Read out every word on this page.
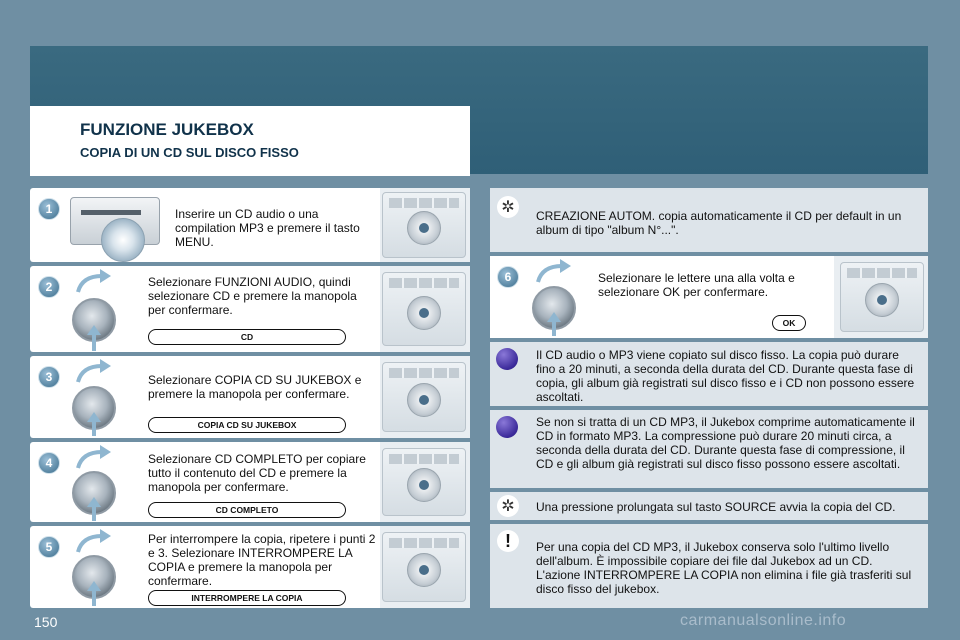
FUNZIONE JUKEBOX
COPIA DI UN CD SUL DISCO FISSO
1	Inserire un CD audio o una compilation MP3 e premere il tasto MENU.
2	Selezionare FUNZIONI AUDIO, quindi selezionare CD e premere la manopola per confermare.
CD
3	Selezionare COPIA CD SU JUKEBOX e premere la manopola per confermare.
COPIA CD SU JUKEBOX
4	Selezionare CD COMPLETO per copiare tutto il contenuto del CD e premere la manopola per confermare.
CD COMPLETO
5
Per interrompere la copia, ripetere i punti 2 e 3. Selezionare INTERROMPERE LA COPIA e premere la manopola per confermare.
INTERROMPERE LA COPIA
✲	CREAZIONE AUTOM. copia automaticamente il CD per default in un album di tipo "album N°...".
6	Selezionare le lettere una alla volta e selezionare OK per confermare.
OK
Il CD audio o MP3 viene copiato sul disco fisso. La copia può durare fino a 20 minuti, a seconda della durata del CD. Durante questa fase di copia, gli album già registrati sul disco fisso e i CD non possono essere ascoltati.
Se non si tratta di un CD MP3, il Jukebox comprime automaticamente il CD in formato MP3. La compressione può durare 20 minuti circa, a seconda della durata del CD. Durante questa fase di compressione, il CD e gli album già registrati sul disco fisso possono essere ascoltati.
✲	Una pressione prolungata sul tasto SOURCE avvia la copia del CD.
!	Per una copia del CD MP3, il Jukebox conserva solo l'ultimo livello dell'album. È impossibile copiare dei file dal Jukebox ad un CD. L'azione INTERROMPERE LA COPIA non elimina i file già trasferiti sul disco fisso del jukebox.
150	carmanualsonline.info
